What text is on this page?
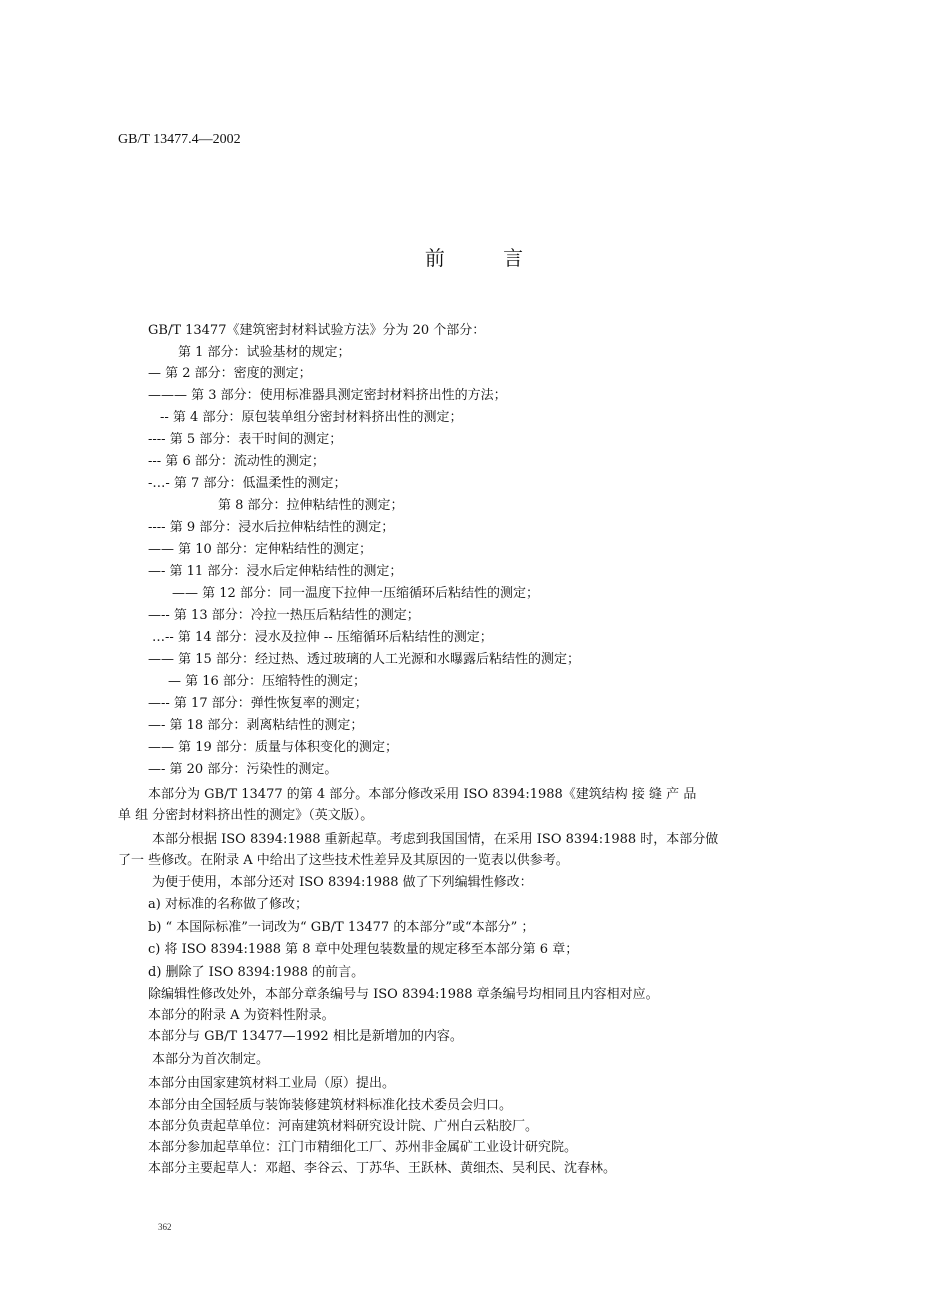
GB/T 13477.4—2002
前 言
GB/T 13477《建筑密封材料试验方法》分为 20 个部分：
第 1 部分：试验基材的规定；
— 第 2 部分：密度的测定；
——— 第 3 部分：使用标准器具测定密封材料挤出性的方法；
-- 第 4 部分：原包装单组分密封材料挤出性的测定；
---- 第 5 部分：表干时间的测定；
--- 第 6 部分：流动性的测定；
-…- 第 7 部分：低温柔性的测定；
第 8 部分：拉伸粘结性的测定；
---- 第 9 部分：浸水后拉伸粘结性的测定；
—— 第 10 部分：定伸粘结性的测定；
—- 第 11 部分：浸水后定伸粘结性的测定；
—— 第 12 部分：同一温度下拉伸一压缩循环后粘结性的测定；
—-- 第 13 部分：冷拉一热压后粘结性的测定；
…-- 第 14 部分：浸水及拉伸 -- 压缩循环后粘结性的测定；
—— 第 15 部分：经过热、透过玻璃的人工光源和水曝露后粘结性的测定；
— 第 16 部分：压缩特性的测定；
—-- 第 17 部分：弹性恢复率的测定；
—- 第 18 部分：剥离粘结性的测定；
—— 第 19 部分：质量与体积变化的测定；
—- 第 20 部分：污染性的测定。
本部分为 GB/T 13477 的第 4 部分。本部分修改采用 ISO 8394:1988《建筑结构 接 缝 产 品
单 组 分密封材料挤出性的测定》（英文版）。
本部分根据 ISO 8394:1988 重新起草。考虑到我国国情，在采用 ISO 8394:1988 时，本部分做
了一 些修改。在附录 A 中给出了这些技术性差异及其原因的一览表以供参考。
为便于使用，本部分还对 ISO 8394:1988 做了下列编辑性修改：
a) 对标准的名称做了修改；
b) “ 本国际标准”一词改为“ GB/T 13477 的本部分”或“本部分” ；
c) 将 ISO 8394:1988 第 8 章中处理包装数量的规定移至本部分第 6 章；
d) 删除了 ISO 8394:1988 的前言。
除编辑性修改处外，本部分章条编号与 ISO 8394:1988 章条编号均相同且内容相对应。
本部分的附录 A 为资料性附录。
本部分与 GB/T 13477—1992 相比是新增加的内容。
本部分为首次制定。
本部分由国家建筑材料工业局（原）提出。
本部分由全国轻质与装饰装修建筑材料标准化技术委员会归口。
本部分负责起草单位：河南建筑材料研究设计院、广州白云粘胶厂。
本部分参加起草单位：江门市精细化工厂、苏州非金属矿工业设计研究院。
本部分主要起草人：邓超、李谷云、丁苏华、王跃林、黄细杰、吴利民、沈春林。
362
